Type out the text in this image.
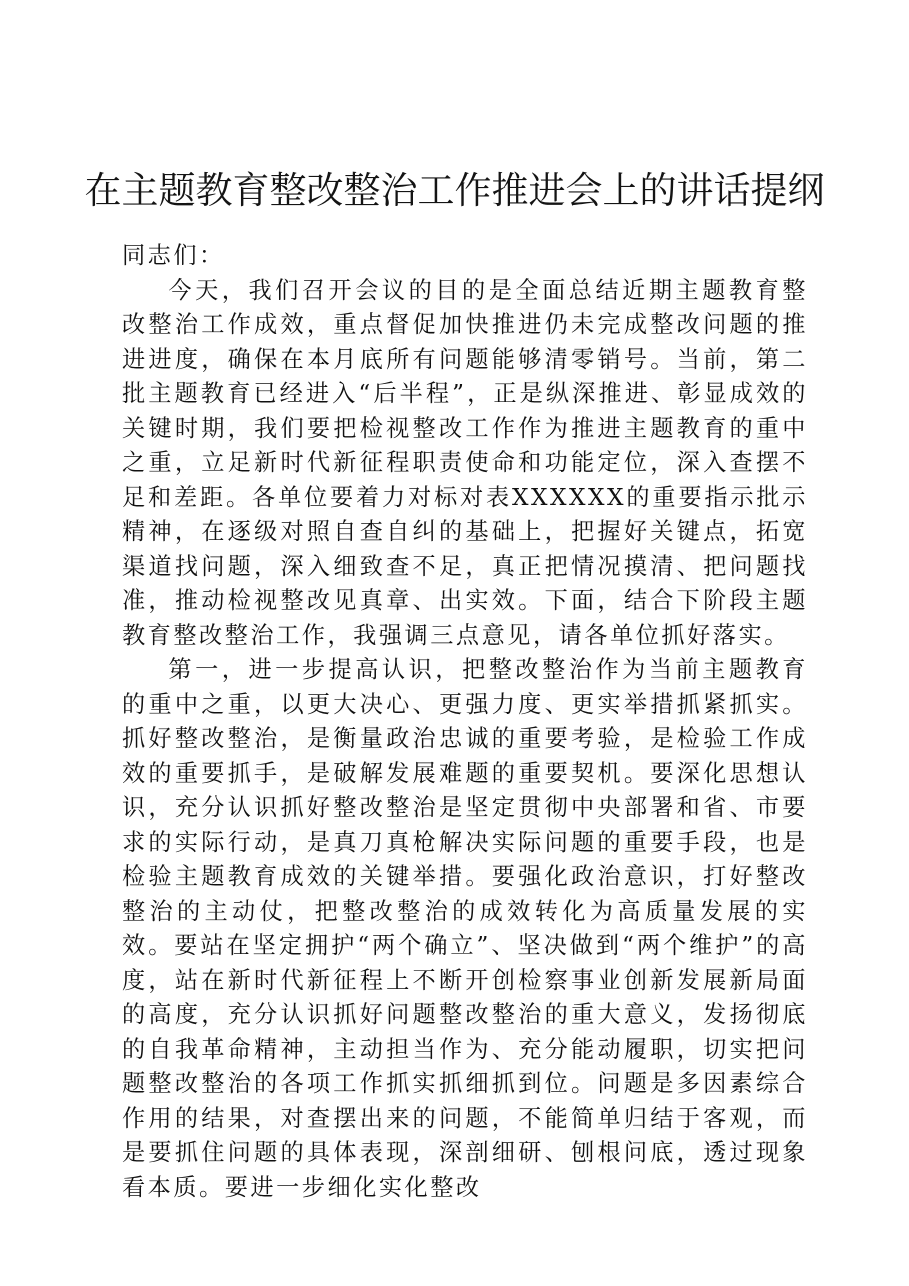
在主题教育整改整治工作推进会上的讲话提纲

同志们：

今天，我们召开会议的目的是全面总结近期主题教育整改整治工作成效，重点督促加快推进仍未完成整改问题的推进进度，确保在本月底所有问题能够清零销号。当前，第二批主题教育已经进入“后半程”，正是纵深推进、彰显成效的关键时期，我们要把检视整改工作作为推进主题教育的重中之重，立足新时代新征程职责使命和功能定位，深入查摆不足和差距。各单位要着力对标对表XXXXXX的重要指示批示精神，在逐级对照自查自纠的基础上，把握好关键点，拓宽渠道找问题，深入细致查不足，真正把情况摸清、把问题找准，推动检视整改见真章、出实效。下面，结合下阶段主题教育整改整治工作，我强调三点意见，请各单位抓好落实。

第一，进一步提高认识，把整改整治作为当前主题教育的重中之重，以更大决心、更强力度、更实举措抓紧抓实。抓好整改整治，是衡量政治忠诚的重要考验，是检验工作成效的重要抓手，是破解发展难题的重要契机。要深化思想认识，充分认识抓好整改整治是坚定贯彻中央部署和省、市要求的实际行动，是真刀真枪解决实际问题的重要手段，也是检验主题教育成效的关键举措。要强化政治意识，打好整改整治的主动仗，把整改整治的成效转化为高质量发展的实效。要站在坚定拥护“两个确立”、坚决做到“两个维护”的高度，站在新时代新征程上不断开创检察事业创新发展新局面的高度，充分认识抓好问题整改整治的重大意义，发扬彻底的自我革命精神，主动担当作为、充分能动履职，切实把问题整改整治的各项工作抓实抓细抓到位。问题是多因素综合作用的结果，对查摆出来的问题，不能简单归结于客观，而是要抓住问题的具体表现，深剖细研、刨根问底，透过现象看本质。要进一步细化实化整改
